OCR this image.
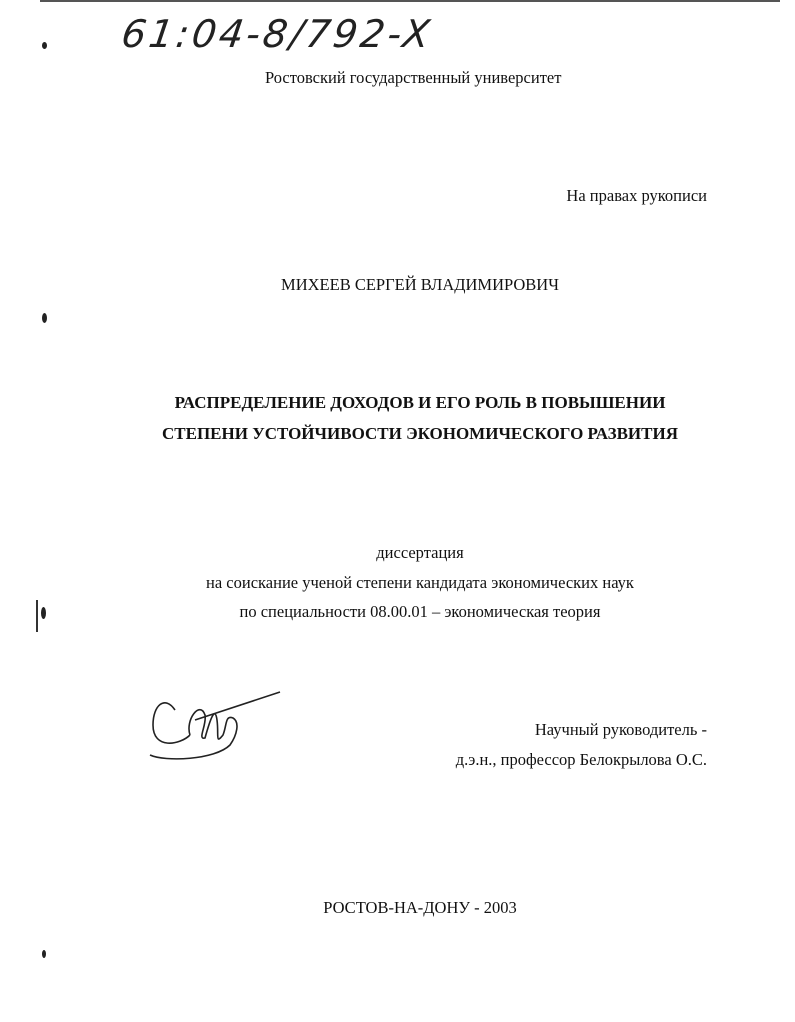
61:04-8/792-X
Ростовский государственный университет
На правах рукописи
МИХЕЕВ СЕРГЕЙ ВЛАДИМИРОВИЧ
РАСПРЕДЕЛЕНИЕ ДОХОДОВ И ЕГО РОЛЬ В ПОВЫШЕНИИ
СТЕПЕНИ УСТОЙЧИВОСТИ ЭКОНОМИЧЕСКОГО РАЗВИТИЯ
диссертация
на соискание ученой степени кандидата экономических наук
по специальности 08.00.01 – экономическая теория
Научный руководитель -
д.э.н., профессор Белокрылова О.С.
РОСТОВ-НА-ДОНУ - 2003
